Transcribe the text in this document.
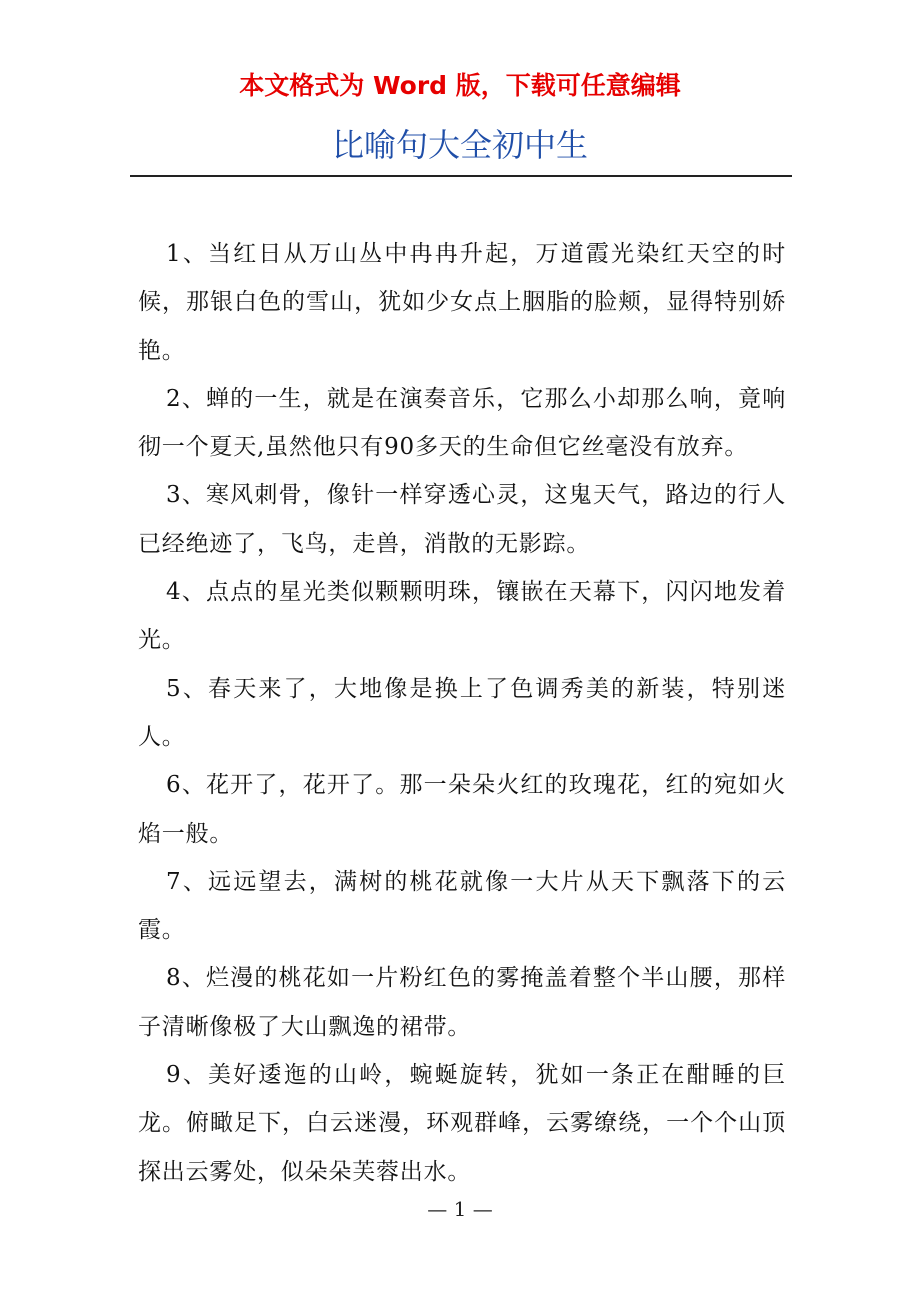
本文格式为 Word 版，下载可任意编辑
比喻句大全初中生

1、当红日从万山丛中冉冉升起，万道霞光染红天空的时候，那银白色的雪山，犹如少女点上胭脂的脸颊，显得特别娇艳。

2、蝉的一生，就是在演奏音乐，它那么小却那么响，竟响彻一个夏天,虽然他只有90多天的生命但它丝毫没有放弃。

3、寒风刺骨，像针一样穿透心灵，这鬼天气，路边的行人已经绝迹了，飞鸟，走兽，消散的无影踪。

4、点点的星光类似颗颗明珠，镶嵌在天幕下，闪闪地发着光。

5、春天来了，大地像是换上了色调秀美的新装，特别迷人。

6、花开了，花开了。那一朵朵火红的玫瑰花，红的宛如火焰一般。

7、远远望去，满树的桃花就像一大片从天下飘落下的云霞。

8、烂漫的桃花如一片粉红色的雾掩盖着整个半山腰，那样子清晰像极了大山飘逸的裙带。

9、美好逶迤的山岭，蜿蜒旋转，犹如一条正在酣睡的巨龙。俯瞰足下，白云迷漫，环观群峰，云雾缭绕，一个个山顶探出云雾处，似朵朵芙蓉出水。

— 1 —
